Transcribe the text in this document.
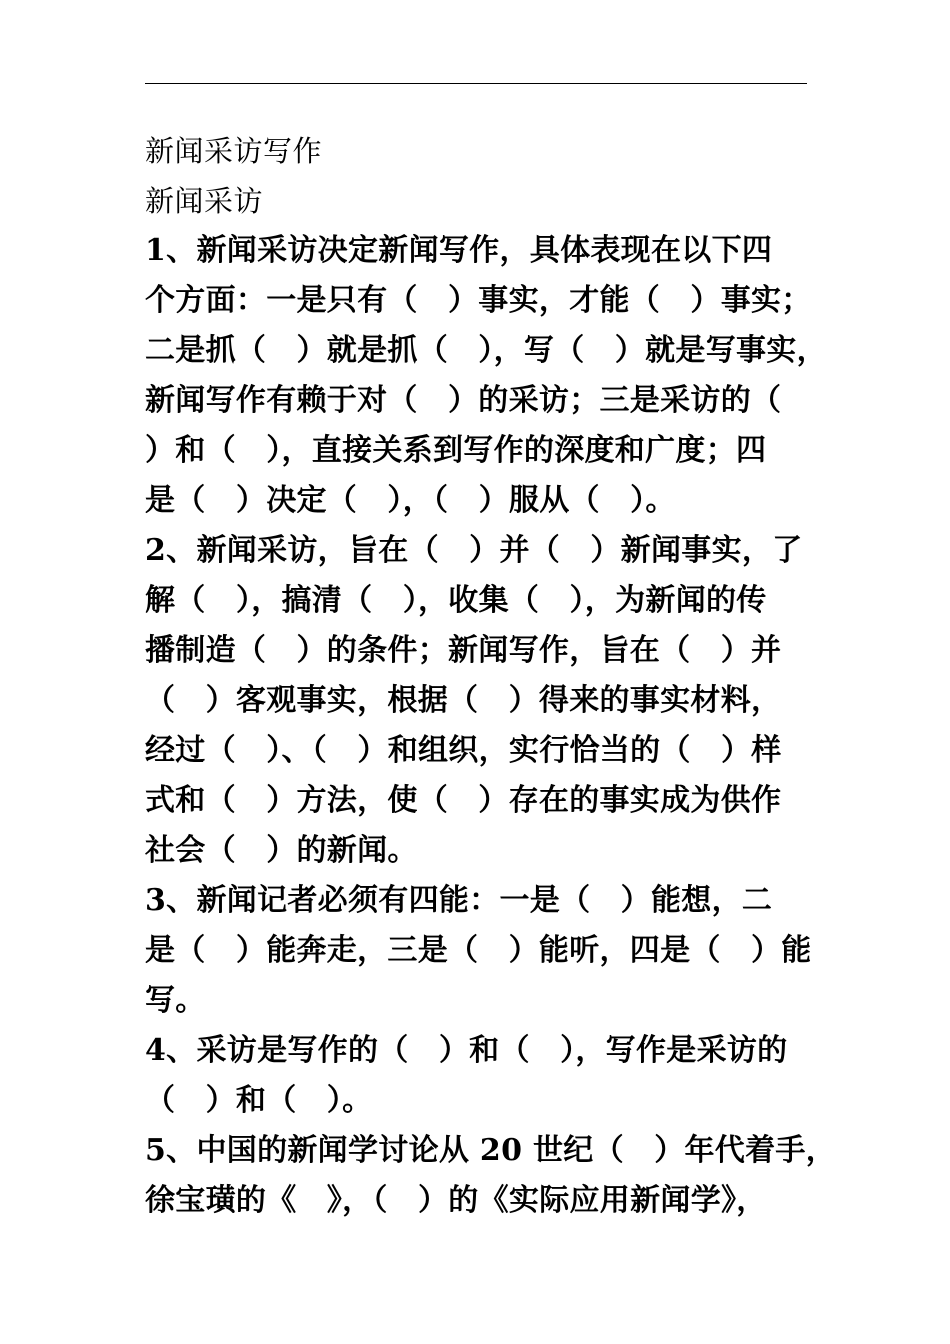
新闻采访写作
新闻采访
1、新闻采访决定新闻写作，具体表现在以下四
个方面：一是只有（　）事实，才能（　）事实；
二是抓（　）就是抓（　），写（　）就是写事实，
新闻写作有赖于对（　）的采访；三是采访的（
）和（　），直接关系到写作的深度和广度；四
是（　）决定（　），（　）服从（　）。
2、新闻采访，旨在（　）并（　）新闻事实，了
解（　），搞清（　），收集（　），为新闻的传
播制造（　）的条件；新闻写作，旨在（　）并
（　）客观事实，根据（　）得来的事实材料，
经过（　）、（　）和组织，实行恰当的（　）样
式和（　）方法，使（　）存在的事实成为供作
社会（　）的新闻。
3、新闻记者必须有四能：一是（　）能想，二
是（　）能奔走，三是（　）能听，四是（　）能
写。
4、采访是写作的（　）和（　），写作是采访的
（　）和（　）。
5、中国的新闻学讨论从 20 世纪（　）年代着手，
徐宝璜的《　》，（　）的《实际应用新闻学》，
